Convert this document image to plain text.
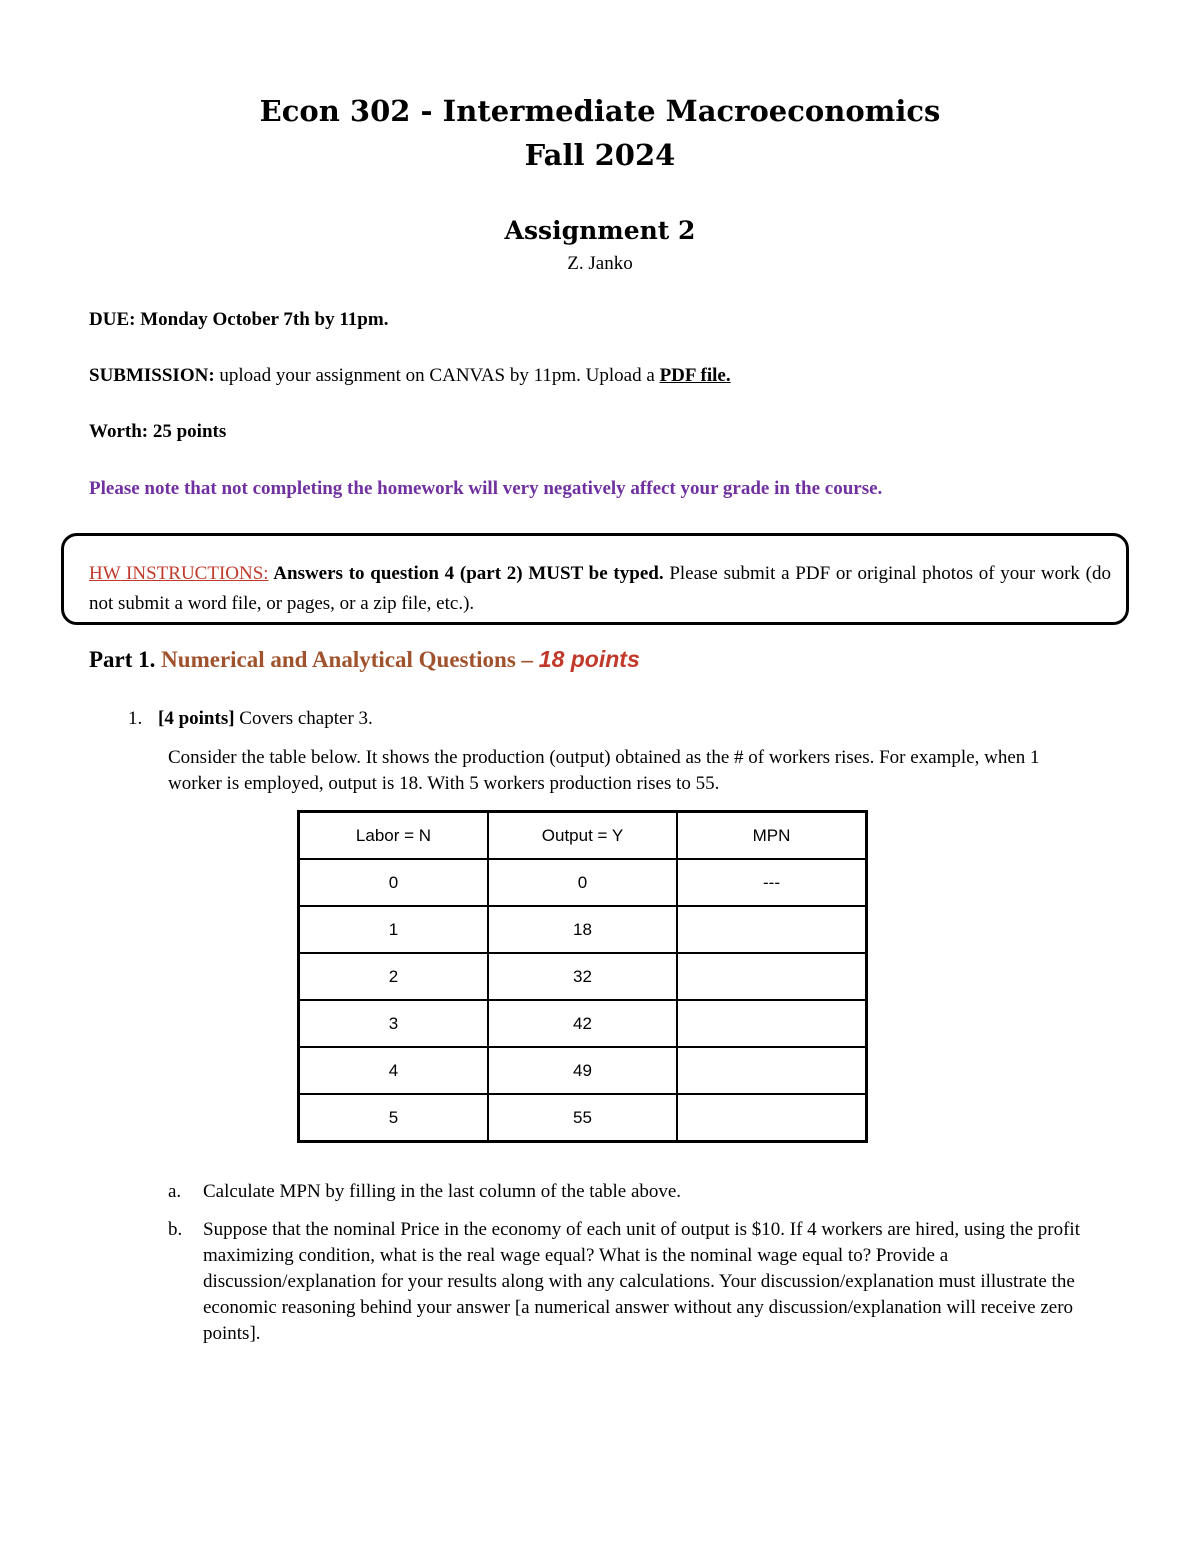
Econ 302 - Intermediate Macroeconomics
Fall 2024
Assignment 2
Z. Janko
DUE: Monday October 7th by 11pm.
SUBMISSION: upload your assignment on CANVAS by 11pm. Upload a PDF file.
Worth: 25 points
Please note that not completing the homework will very negatively affect your grade in the course.
HW INSTRUCTIONS: Answers to question 4 (part 2) MUST be typed. Please submit a PDF or original photos of your work (do not submit a word file, or pages, or a zip file, etc.).
Part 1. Numerical and Analytical Questions – 18 points
1. [4 points] Covers chapter 3.
Consider the table below. It shows the production (output) obtained as the # of workers rises. For example, when 1 worker is employed, output is 18. With 5 workers production rises to 55.
Labor = N	Output = Y	MPN
0	0	---
1	18	
2	32	
3	42	
4	49	
5	55	
a. Calculate MPN by filling in the last column of the table above.
b. Suppose that the nominal Price in the economy of each unit of output is $10. If 4 workers are hired, using the profit maximizing condition, what is the real wage equal? What is the nominal wage equal to? Provide a discussion/explanation for your results along with any calculations. Your discussion/explanation must illustrate the economic reasoning behind your answer [a numerical answer without any discussion/explanation will receive zero points].
